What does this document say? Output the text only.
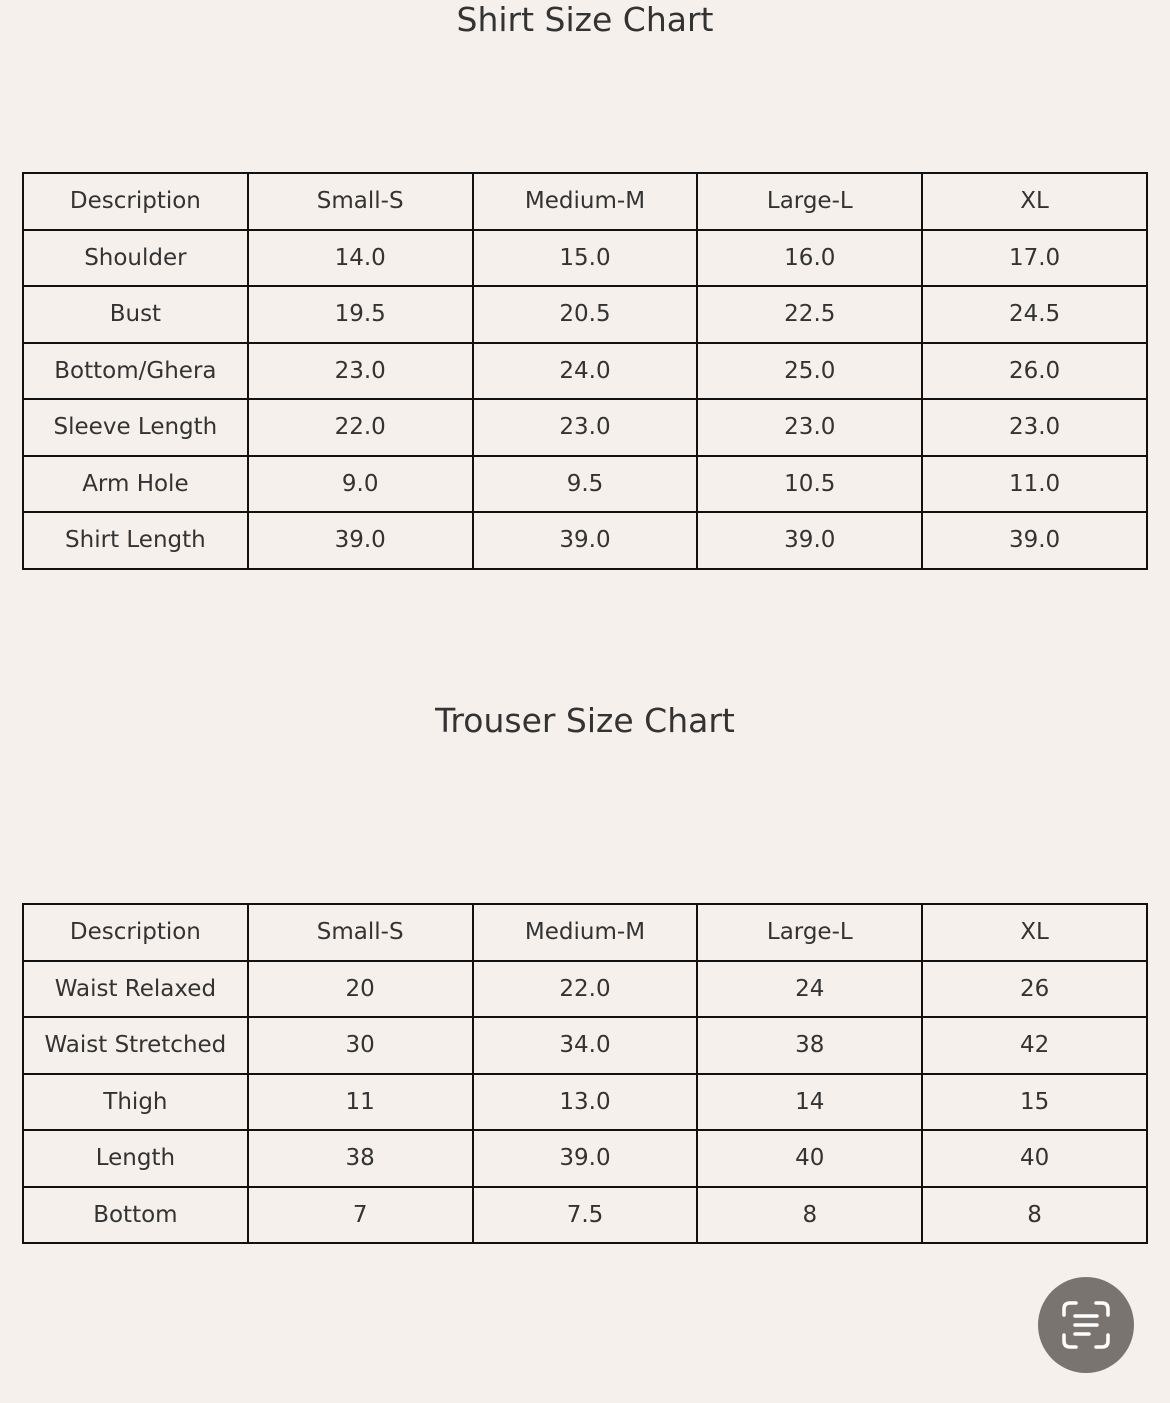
Shirt Size Chart
Description	Small-S	Medium-M	Large-L	XL
Shoulder	14.0	15.0	16.0	17.0
Bust	19.5	20.5	22.5	24.5
Bottom/Ghera	23.0	24.0	25.0	26.0
Sleeve Length	22.0	23.0	23.0	23.0
Arm Hole	9.0	9.5	10.5	11.0
Shirt Length	39.0	39.0	39.0	39.0
Trouser Size Chart
Description	Small-S	Medium-M	Large-L	XL
Waist Relaxed	20	22.0	24	26
Waist Stretched	30	34.0	38	42
Thigh	11	13.0	14	15
Length	38	39.0	40	40
Bottom	7	7.5	8	8
